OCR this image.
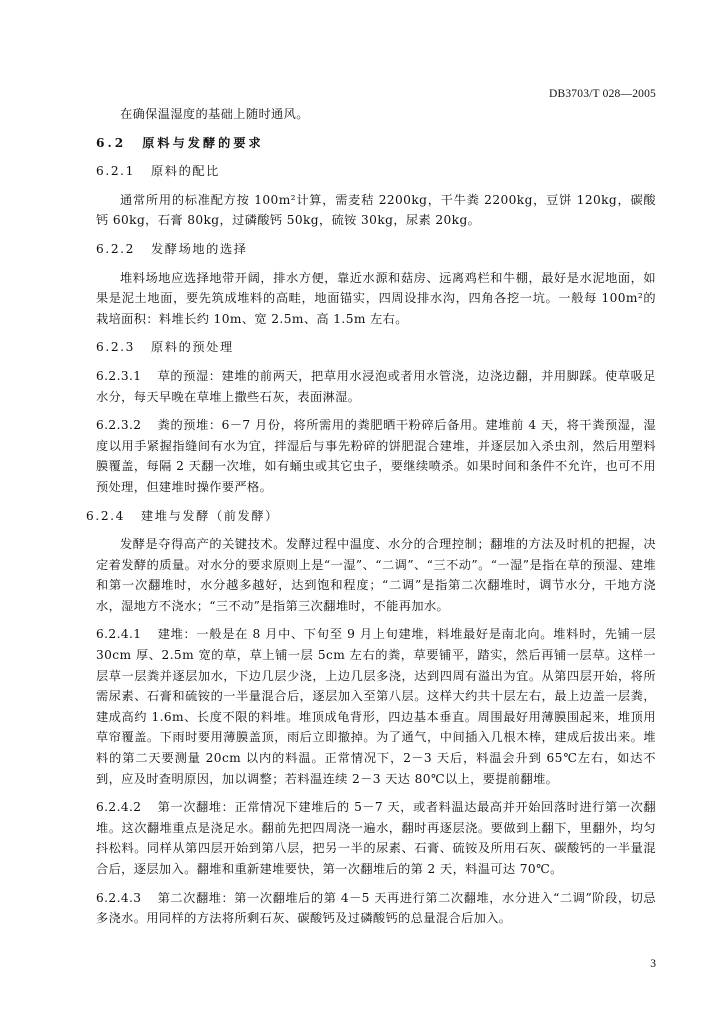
DB3703/T 028—2005

在确保温湿度的基础上随时通风。

6.2 原料与发酵的要求

6.2.1 原料的配比

通常所用的标准配方按 100m²计算，需麦秸 2200kg，干牛粪 2200kg，豆饼 120kg，碳酸钙 60kg，石膏 80kg，过磷酸钙 50kg，硫铵 30kg，尿素 20kg。

6.2.2 发酵场地的选择

堆料场地应选择地带开阔，排水方便，靠近水源和菇房、远离鸡栏和牛棚，最好是水泥地面，如果是泥土地面，要先筑成堆料的高畦，地面锚实，四周设排水沟，四角各挖一坑。一般每 100m²的栽培面积：料堆长约 10m、宽 2.5m、高 1.5m 左右。

6.2.3 原料的预处理

6.2.3.1 草的预湿：建堆的前两天，把草用水浸泡或者用水管浇，边浇边翻，并用脚踩。使草吸足　水分，每天早晚在草堆上撒些石灰，表面淋湿。

6.2.3.2 粪的预堆：6－7 月份，将所需用的粪肥晒干粉碎后备用。建堆前 4 天，将干粪预湿，湿度以用手紧握指缝间有水为宜，拌湿后与事先粉碎的饼肥混合建堆，并逐层加入杀虫剂，然后用塑料膜覆盖，每隔 2 天翻一次堆，如有蛹虫或其它虫子，要继续喷杀。如果时间和条件不允许，也可不用预处理，但建堆时操作要严格。

6.2.4 建堆与发酵（前发酵）

发酵是夺得高产的关键技术。发酵过程中温度、水分的合理控制；翻堆的方法及时机的把握，决定着发酵的质量。对水分的要求原则上是“一湿”、“二调”、“三不动”。“一湿”是指在草的预湿、建堆和第一次翻堆时，水分越多越好，达到饱和程度；“二调”是指第二次翻堆时，调节水分，干地方浇水，湿地方不浇水；“三不动”是指第三次翻堆时，不能再加水。

6.2.4.1 建堆：一般是在 8 月中、下旬至 9 月上旬建堆，料堆最好是南北向。堆料时，先铺一层 30cm 厚、2.5m 宽的草，草上铺一层 5cm 左右的粪，草要铺平，踏实，然后再铺一层草。这样一层草一层粪并逐层加水，下边几层少浇，上边几层多浇，达到四周有溢出为宜。从第四层开始，将所需尿素、石膏和硫铵的一半量混合后，逐层加入至第八层。这样大约共十层左右，最上边盖一层粪，建成高约 1.6m、长度不限的料堆。堆顶成龟背形，四边基本垂直。周围最好用薄膜围起来，堆顶用草帘覆盖。下雨时要用薄膜盖顶，雨后立即撤掉。为了通气，中间插入几根木棒，建成后拔出来。堆料的第二天要测量 20cm 以内的料温。正常情况下，2－3 天后，料温会升到 65℃左右，如达不到，应及时查明原因，加以调整；若料温连续 2－3 天达 80℃以上，要提前翻堆。

6.2.4.2 第一次翻堆：正常情况下建堆后的 5－7 天，或者料温达最高并开始回落时进行第一次翻堆。这次翻堆重点是浇足水。翻前先把四周浇一遍水，翻时再逐层浇。要做到上翻下，里翻外，均匀抖松料。同样从第四层开始到第八层，把另一半的尿素、石膏、硫铵及所用石灰、碳酸钙的一半量混合后，逐层加入。翻堆和重新建堆要快，第一次翻堆后的第 2 天，料温可达 70℃。

6.2.4.3 第二次翻堆：第一次翻堆后的第 4－5 天再进行第二次翻堆，水分进入“二调”阶段，切忌多浇水。用同样的方法将所剩石灰、碳酸钙及过磷酸钙的总量混合后加入。

3
